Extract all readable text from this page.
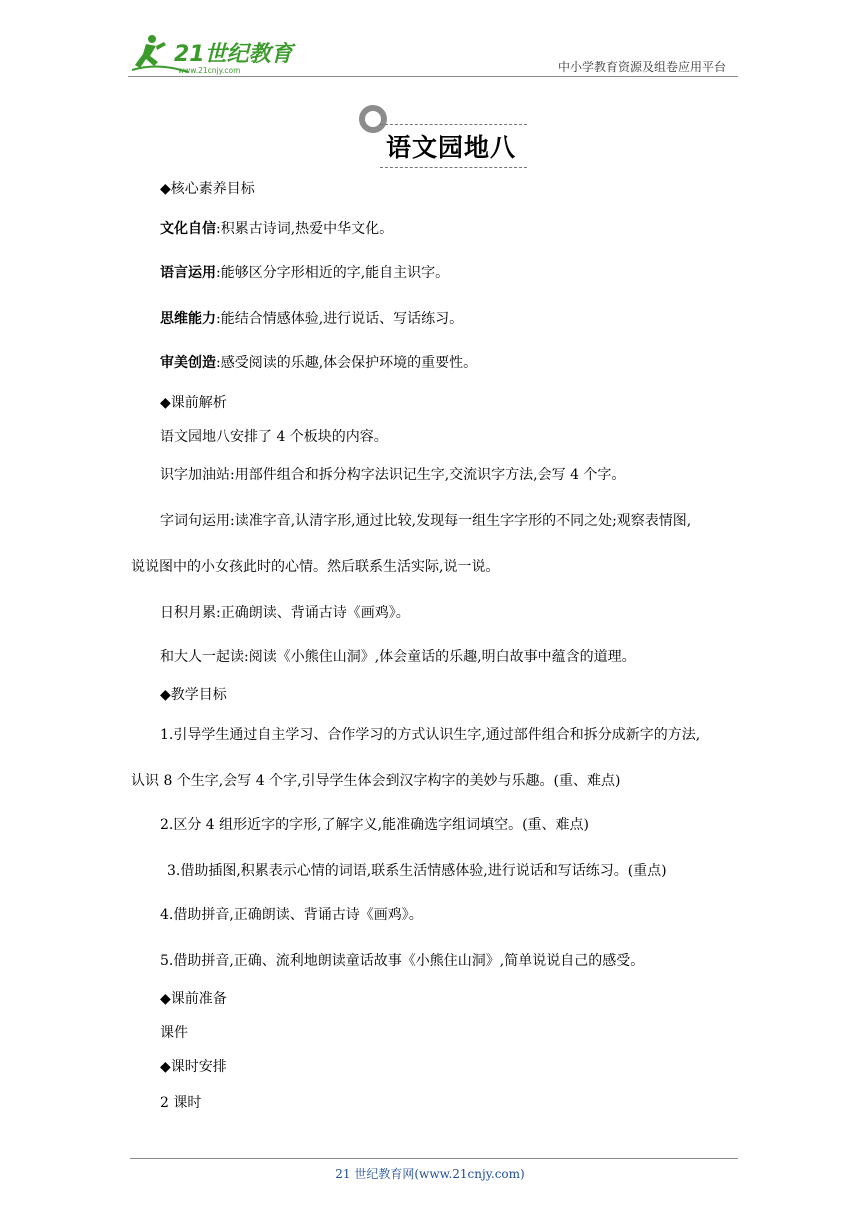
21世纪教育
www.21cnjy.com	中小学教育资源及组卷应用平台
语文园地八
◆核心素养目标
文化自信:积累古诗词,热爱中华文化。
语言运用:能够区分字形相近的字,能自主识字。
思维能力:能结合情感体验,进行说话、写话练习。
审美创造:感受阅读的乐趣,体会保护环境的重要性。
◆课前解析
语文园地八安排了 4 个板块的内容。
识字加油站:用部件组合和拆分构字法识记生字,交流识字方法,会写 4 个字。
字词句运用:读准字音,认清字形,通过比较,发现每一组生字字形的不同之处;观察表情图,
说说图中的小女孩此时的心情。然后联系生活实际,说一说。
日积月累:正确朗读、背诵古诗《画鸡》。
和大人一起读:阅读《小熊住山洞》,体会童话的乐趣,明白故事中蕴含的道理。
◆教学目标
1.引导学生通过自主学习、合作学习的方式认识生字,通过部件组合和拆分成新字的方法,
认识 8 个生字,会写 4 个字,引导学生体会到汉字构字的美妙与乐趣。(重、难点)
2.区分 4 组形近字的字形,了解字义,能准确选字组词填空。(重、难点)
3.借助插图,积累表示心情的词语,联系生活情感体验,进行说话和写话练习。(重点)
4.借助拼音,正确朗读、背诵古诗《画鸡》。
5.借助拼音,正确、流利地朗读童话故事《小熊住山洞》,简单说说自己的感受。
◆课前准备
课件
◆课时安排
2 课时
21 世纪教育网(www.21cnjy.com)
